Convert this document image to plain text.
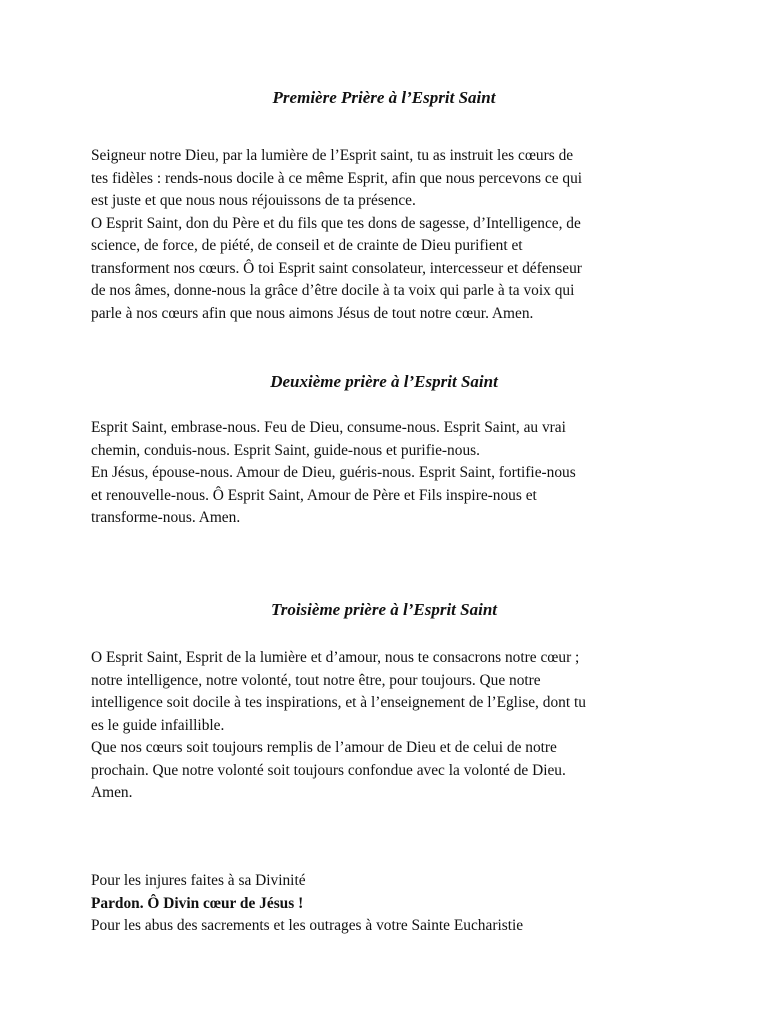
Première Prière à l’Esprit Saint

Seigneur notre Dieu, par la lumière de l’Esprit saint, tu as instruit les cœurs de
tes fidèles : rends-nous docile à ce même Esprit, afin que nous percevons ce qui
est juste et que nous nous réjouissons de ta présence.
O Esprit Saint, don du Père et du fils que tes dons de sagesse, d’Intelligence, de
science, de force, de piété, de conseil et de crainte de Dieu purifient et
transforment nos cœurs. Ô toi Esprit saint consolateur, intercesseur et défenseur
de nos âmes, donne-nous la grâce d’être docile à ta voix qui parle à ta voix qui
parle à nos cœurs afin que nous aimons Jésus de tout notre cœur. Amen.

Deuxième prière à l’Esprit Saint

Esprit Saint, embrase-nous. Feu de Dieu, consume-nous. Esprit Saint, au vrai
chemin, conduis-nous. Esprit Saint, guide-nous et purifie-nous.
En Jésus, épouse-nous. Amour de Dieu, guéris-nous. Esprit Saint, fortifie-nous
et renouvelle-nous. Ô Esprit Saint, Amour de Père et Fils inspire-nous et
transforme-nous. Amen.

Troisième prière à l’Esprit Saint

O Esprit Saint, Esprit de la lumière et d’amour, nous te consacrons notre cœur ;
notre intelligence, notre volonté, tout notre être, pour toujours. Que notre
intelligence soit docile à tes inspirations, et à l’enseignement de l’Eglise, dont tu
es le guide infaillible.
Que nos cœurs soit toujours remplis de l’amour de Dieu et de celui de notre
prochain. Que notre volonté soit toujours confondue avec la volonté de Dieu.
Amen.

Pour les injures faites à sa Divinité
Pardon. Ô Divin cœur de Jésus !
Pour les abus des sacrements et les outrages à votre Sainte Eucharistie
